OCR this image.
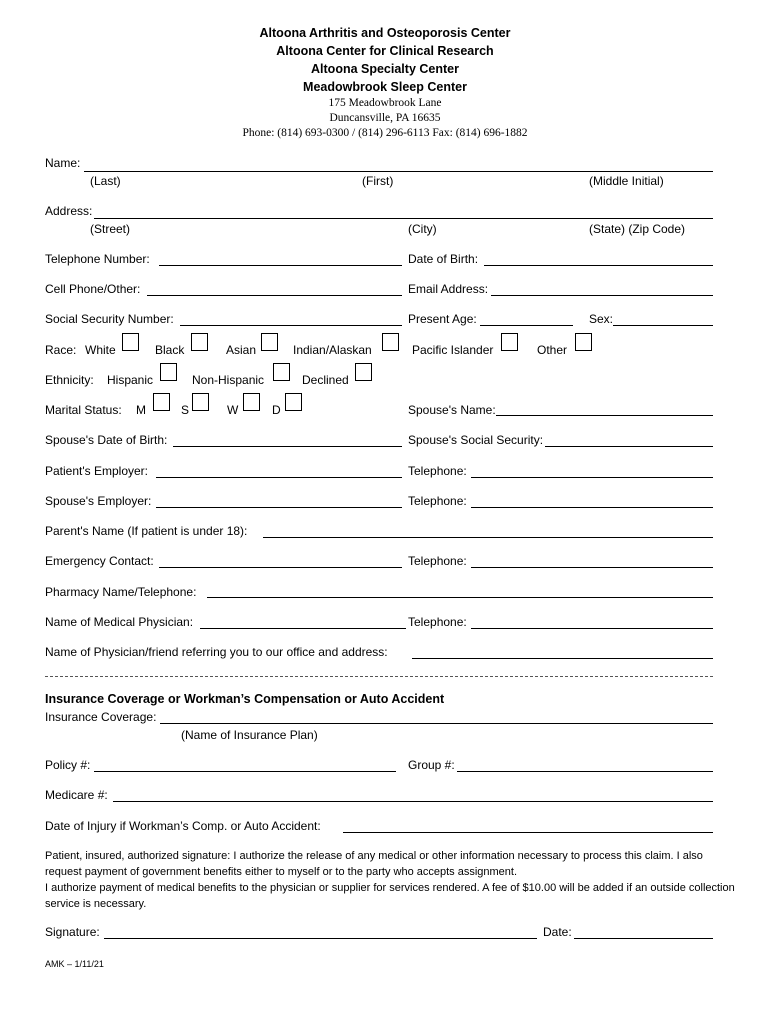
Altoona Arthritis and Osteoporosis Center
Altoona Center for Clinical Research
Altoona Specialty Center
Meadowbrook Sleep Center
175 Meadowbrook Lane
Duncansville, PA 16635
Phone: (814) 693-0300 / (814) 296-6113 Fax: (814) 696-1882
Name:
(Last)	(First)	(Middle Initial)
Address:
(Street)	(City)	(State) (Zip Code)
Telephone Number:	Date of Birth:
Cell Phone/Other:	Email Address:
Social Security Number:	Present Age:	Sex:
Race: White	Black	Asian	Indian/Alaskan	Pacific Islander	Other
Ethnicity: Hispanic	Non-Hispanic	Declined
Marital Status: M	S	W	D	Spouse's Name:
Spouse's Date of Birth:	Spouse's Social Security:
Patient's Employer:	Telephone:
Spouse's Employer:	Telephone:
Parent's Name (If patient is under 18):
Emergency Contact:	Telephone:
Pharmacy Name/Telephone:
Name of Medical Physician:	Telephone:
Name of Physician/friend referring you to our office and address:
Insurance Coverage or Workman’s Compensation or Auto Accident
Insurance Coverage:
(Name of Insurance Plan)
Policy #:	Group #:
Medicare #:
Date of Injury if Workman’s Comp. or Auto Accident:
Patient, insured, authorized signature: I authorize the release of any medical or other information necessary to process this claim. I also request payment of government benefits either to myself or to the party who accepts assignment.
I authorize payment of medical benefits to the physician or supplier for services rendered. A fee of $10.00 will be added if an outside collection service is necessary.
Signature:	Date:
AMK – 1/11/21
